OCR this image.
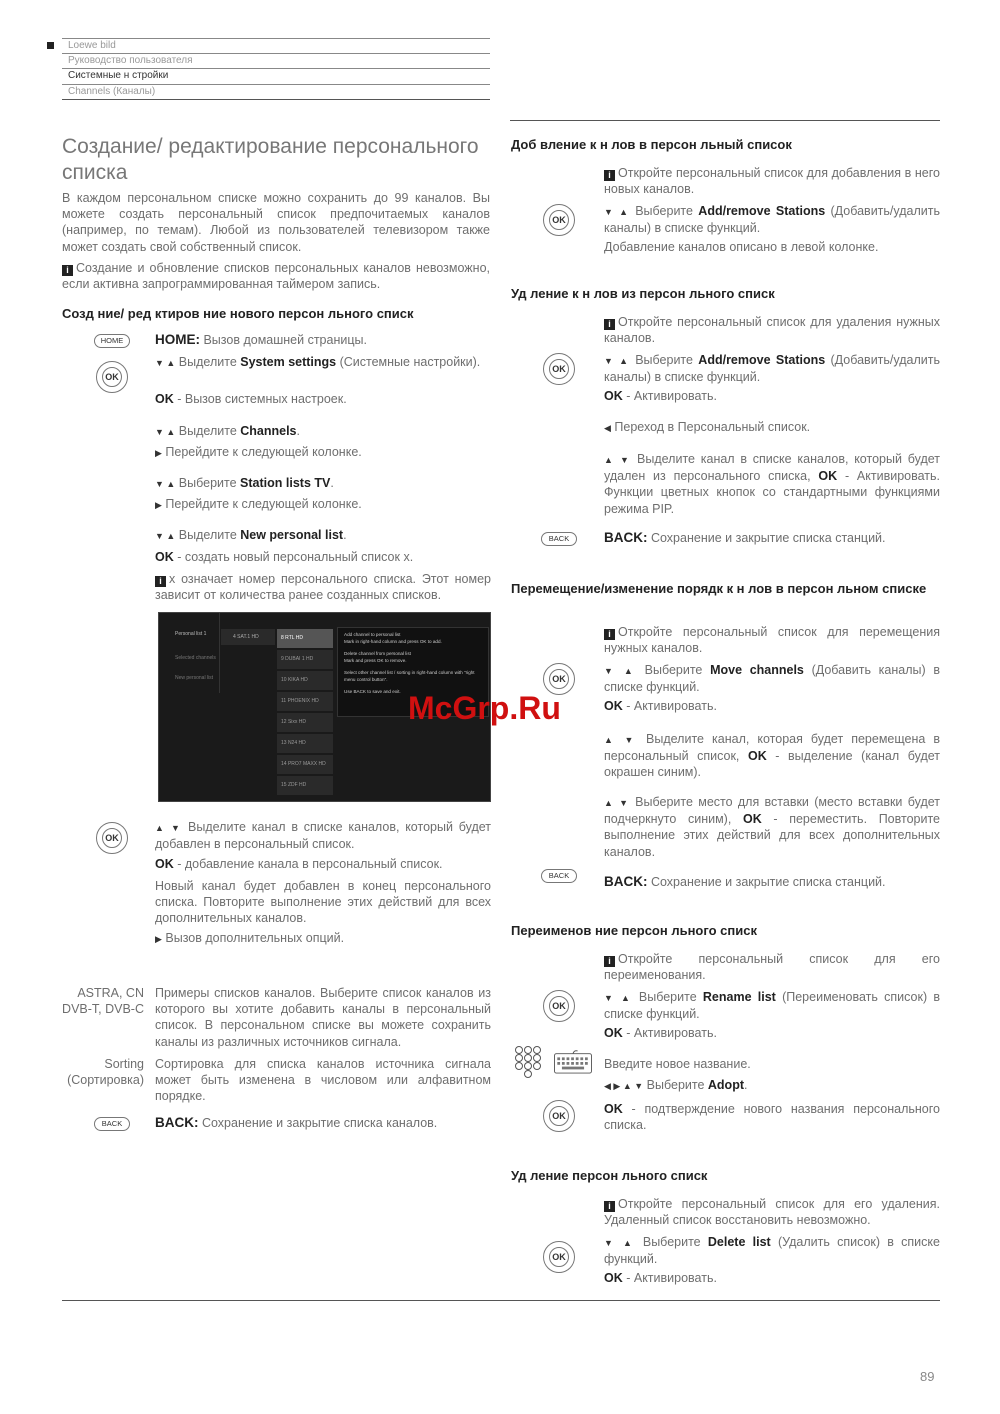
Loewe bild
Руководство пользователя
Системные н стройки
Channels (Каналы)
Создание/ редактирование персонального списка
В каждом персональном списке можно сохранить до 99 каналов. Вы можете создать персональный список предпочитаемых каналов (например, по темам). Любой из пользователей телевизором также может создать свой собственный список.
i Создание и обновление списков персональных каналов невозможно, если активна запрограммированная таймером запись.
Созд ние/ ред ктиров ние нового персон льного списк
HOME
OK
HOME: Вызов домашней страницы.
▼ ▲ Выделите System settings (Системные настройки).
OK - Вызов системных настроек.
▼ ▲ Выделите Channels.
▶ Перейдите к следующей колонке.
▼ ▲ Выберите Station lists TV.
▶ Перейдите к следующей колонке.
▼ ▲ Выделите New personal list.
OK - создать новый персональный список x.
i x означает номер персонального списка. Этот номер зависит от количества ранее созданных списков.
Personal list 1
Selected channels
New personal list
4 SAT.1 HD	8 RTL HD
9 DUBAI 1 HD
10 KIKA HD
11 PHOENIX HD
12 Sixx HD
13 N24 HD
14 PRO7 MAXX HD
15 ZDF HD
Add channel to personal list
Mark in right-hand column and press OK to add.
Delete channel from personal list
Mark and press OK to remove.
Select other channel list / sorting in right-hand column with "right menu control button".
Use BACK to save and exit.
OK
▲ ▼ Выделите канал в списке каналов, который будет добавлен в персональный список.
OK - добавление канала в персональный список.
Новый канал будет добавлен в конец персонального списка. Повторите выполнение этих действий для всех дополнительных каналов.
▶ Вызов дополнительных опций.
ASTRA, CN DVB-T, DVB-C
Примеры списков каналов. Выберите список каналов из которого вы хотите добавить каналы в персональный список. В персональном списке вы можете сохранить каналы из различных источников сигнала.
Sorting (Сортировка)
Сортировка для списка каналов источника сигнала может быть изменена в числовом или алфавитном порядке.
BACK	BACK: Сохранение и закрытие списка каналов.
Доб вление к н лов в персон льный список
i Откройте персональный список для добавления в него новых каналов.
OK
▼ ▲ Выберите Add/remove Stations (Добавить/удалить каналы) в списке функций.
Добавление каналов описано в левой колонке.
Уд ление к н лов из персон льного списк
i Откройте персональный список для удаления нужных каналов.
OK
▼ ▲ Выберите Add/remove Stations (Добавить/удалить каналы) в списке функций.
OK - Активировать.
◀ Переход в Персональный список.
▲ ▼ Выделите канал в списке каналов, который будет удален из персонального списка, OK - Активировать. Функции цветных кнопок со стандартными функциями режима PIP.
BACK	BACK: Сохранение и закрытие списка станций.
Перемещение/изменение порядк к н лов в персон льном списке
i Откройте персональный список для перемещения нужных каналов.
OK
▼ ▲ Выберите Move channels (Добавить каналы) в списке функций.
OK - Активировать.
▲ ▼ Выделите канал, которая будет перемещена в персональный список, OK - выделение (канал будет окрашен синим).
▲ ▼ Выберите место для вставки (место вставки будет подчеркнуто синим), OK - переместить. Повторите выполнение этих действий для всех дополнительных каналов.
BACK	BACK: Сохранение и закрытие списка станций.
Переименов ние персон льного списк
i Откройте персональный список для его переименования.
OK
▼ ▲ Выберите Rename list (Переименовать список) в списке функций.
OK - Активировать.
Введите новое название.
◀ ▶ ▲ ▼ Выберите Adopt.
OK	OK - подтверждение нового названия персонального списка.
Уд ление персон льного списк
i Откройте персональный список для его удаления. Удаленный список восстановить невозможно.
OK
▼ ▲ Выберите Delete list (Удалить список) в списке функций.
OK - Активировать.
McGrp.Ru
89
